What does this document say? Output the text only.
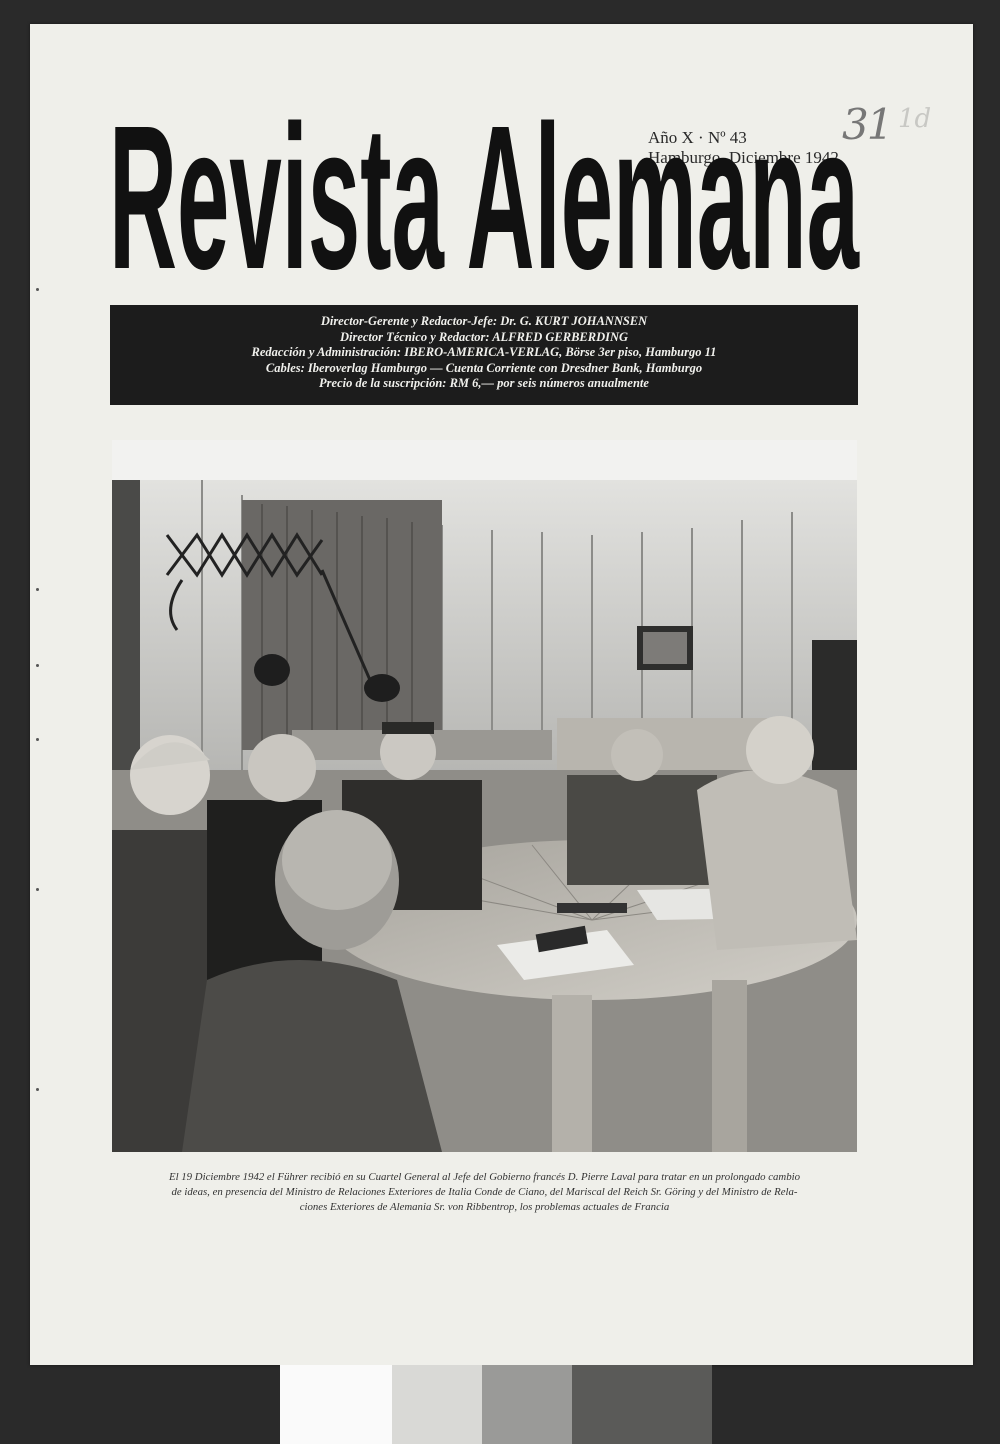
31 1d
Año X · Nº 43
Hamburgo, Diciembre 1942
Revista Alemana
Director-Gerente y Redactor-Jefe: Dr. G. KURT JOHANNSEN
Director Técnico y Redactor: ALFRED GERBERDING
Redacción y Administración: IBERO-AMERICA-VERLAG, Börse 3er piso, Hamburgo 11
Cables: Iberoverlag Hamburgo — Cuenta Corriente con Dresdner Bank, Hamburgo
Precio de la suscripción: RM 6,— por seis números anualmente
El 19 Diciembre 1942 el Führer recibió en su Cuartel General al Jefe del Gobierno francés D. Pierre Laval para tratar en un prolongado cambio
de ideas, en presencia del Ministro de Relaciones Exteriores de Italia Conde de Ciano, del Mariscal del Reich Sr. Göring y del Ministro de Rela-
ciones Exteriores de Alemania Sr. von Ribbentrop, los problemas actuales de Francia
